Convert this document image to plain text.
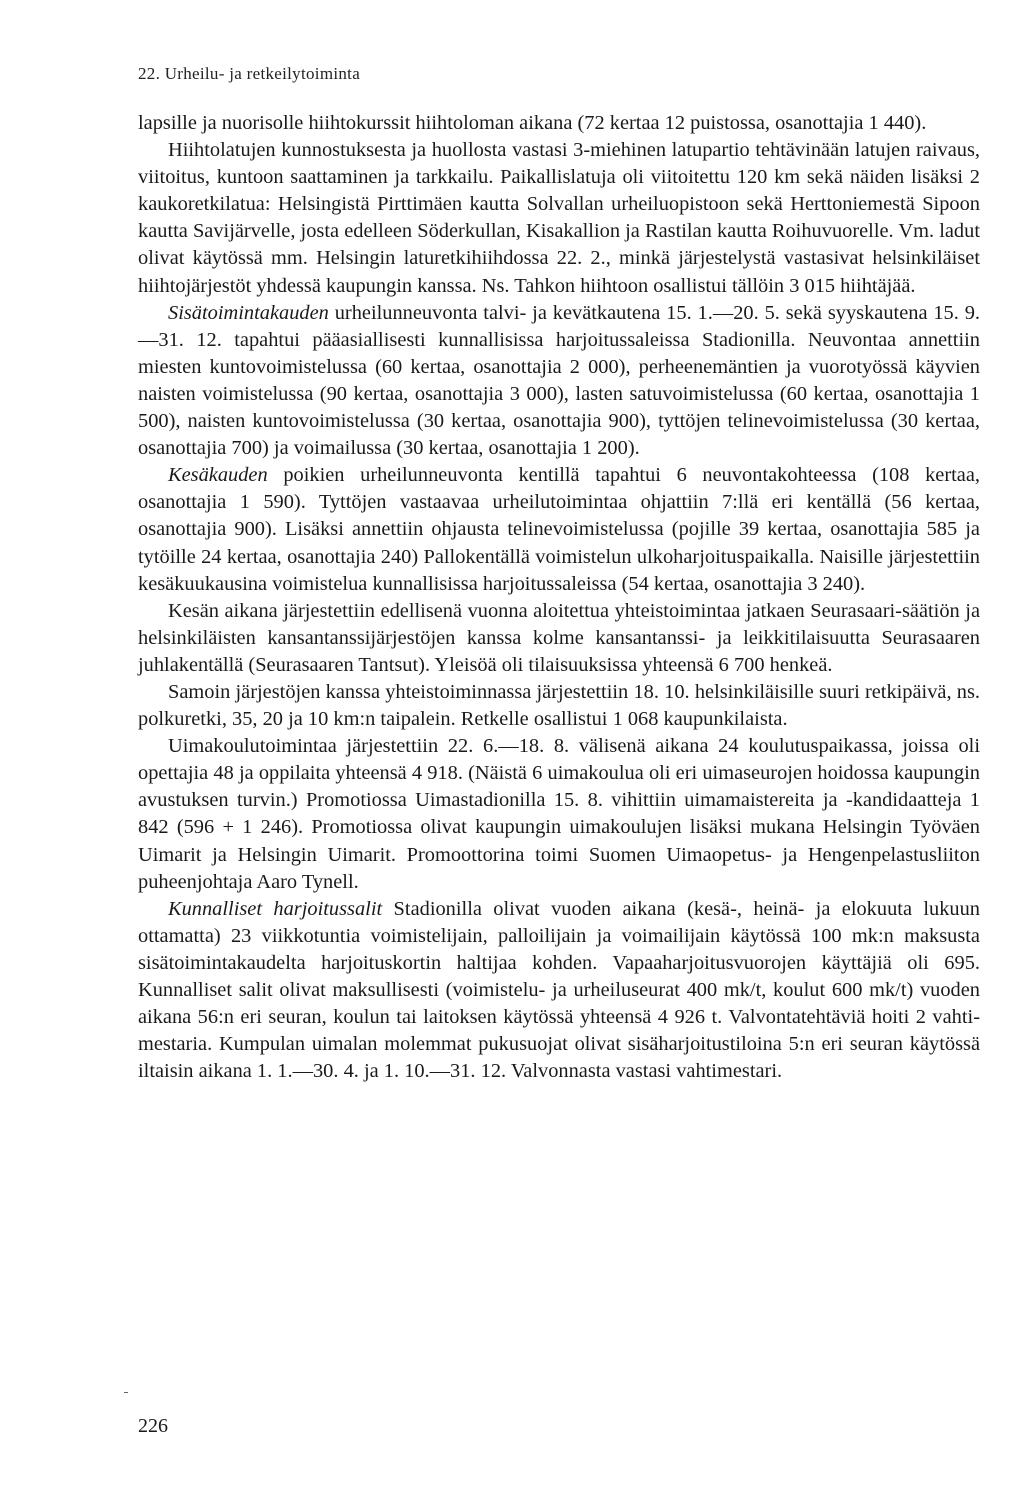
22. Urheilu- ja retkeilytoiminta

lapsille ja nuorisolle hiihtokurssit hiihtoloman aikana (72 kertaa 12 puistossa, osanottajia 1 440).

Hiihtolatujen kunnostuksesta ja huollosta vastasi 3-miehinen latupartio tehtävinään latujen raivaus, viitoitus, kuntoon saattaminen ja tarkkailu. Paikallislatuja oli viitoitettu 120 km sekä näiden lisäksi 2 kaukoretkilatua: Helsingistä Pirttimäen kautta Solvallan urheiluopistoon sekä Herttoniemestä Sipoon kautta Savijärvelle, josta edelleen Söderkullan, Kisakallion ja Rastilan kautta Roihuvuorelle. Vm. ladut olivat käytössä mm. Helsingin laturetkihiihdossa 22. 2., minkä järjestelystä vastasivat helsinkiläiset hiihtojärjestöt yhdessä kaupungin kanssa. Ns. Tahkon hiihtoon osallistui tällöin 3 015 hiihtäjää.

Sisätoimintakauden urheilunneuvonta talvi- ja kevätkautena 15. 1.—20. 5. sekä syyskautena 15. 9.—31. 12. tapahtui pääasiallisesti kunnallisissa harjoitussaleissa Stadionilla. Neuvontaa annettiin miesten kuntovoimistelussa (60 kertaa, osanottajia 2 000), perheenemäntien ja vuorotyössä käyvien naisten voimistelussa (90 kertaa, osanottajia 3 000), lasten satuvoimistelussa (60 kertaa, osanottajia 1 500), naisten kuntovoimistelussa (30 kertaa, osanottajia 900), tyttöjen telinevoimistelussa (30 kertaa, osanottajia 700) ja voimailussa (30 kertaa, osanottajia 1 200).

Kesäkauden poikien urheilunneuvonta kentillä tapahtui 6 neuvontakohteessa (108 kertaa, osanottajia 1 590). Tyttöjen vastaavaa urheilutoimintaa ohjattiin 7:llä eri kentällä (56 kertaa, osanottajia 900). Lisäksi annettiin ohjausta telinevoimistelussa (pojille 39 kertaa, osanottajia 585 ja tytöille 24 kertaa, osanottajia 240) Pallokentällä voimistelun ulkoharjoituspaikalla. Naisille järjestettiin kesäkuukausina voimistelua kunnallisissa harjoitussaleissa (54 kertaa, osanottajia 3 240).

Kesän aikana järjestettiin edellisenä vuonna aloitettua yhteistoimintaa jatkaen Seurasaari-säätiön ja helsinkiläisten kansantanssijärjestöjen kanssa kolme kansantanssi- ja leikkitilaisuutta Seurasaaren juhlakentällä (Seurasaaren Tantsut). Yleisöä oli tilaisuuksissa yhteensä 6 700 henkeä.

Samoin järjestöjen kanssa yhteistoiminnassa järjestettiin 18. 10. helsinkiläisille suuri retkipäivä, ns. polkuretki, 35, 20 ja 10 km:n taipalein. Retkelle osallistui 1 068 kaupunkilaista.

Uimakoulutoimintaa järjestettiin 22. 6.—18. 8. välisenä aikana 24 koulutuspaikassa, joissa oli opettajia 48 ja oppilaita yhteensä 4 918. (Näistä 6 uimakoulua oli eri uimaseurojen hoidossa kaupungin avustuksen turvin.) Promotiossa Uimastadionilla 15. 8. vihittiin uimamaistereita ja -kandidaatteja 1 842 (596 + 1 246). Promotiossa olivat kaupungin uimakoulujen lisäksi mukana Helsingin Työväen Uimarit ja Helsingin Uimarit. Promoottorina toimi Suomen Uimaopetus- ja Hengenpelastusliiton puheenjohtaja Aaro Tynell.

Kunnalliset harjoitussalit Stadionilla olivat vuoden aikana (kesä-, heinä- ja elokuuta lukuun ottamatta) 23 viikkotuntia voimistelijain, palloilijain ja voimailijain käytössä 100 mk:n maksusta sisätoimintakaudelta harjoituskortin haltijaa kohden. Vapaaharjoitusvuorojen käyttäjiä oli 695. Kunnalliset salit olivat maksullisesti (voimistelu- ja urheiluseurat 400 mk/t, koulut 600 mk/t) vuoden aikana 56:n eri seuran, koulun tai laitoksen käytössä yhteensä 4 926 t. Valvontatehtäviä hoiti 2 vahtimestaria. Kumpulan uimalan molemmat pukusuojat olivat sisäharjoitustiloina 5:n eri seuran käytössä iltaisin aikana 1. 1.—30. 4. ja 1. 10.—31. 12. Valvonnasta vastasi vahtimestari.

226
